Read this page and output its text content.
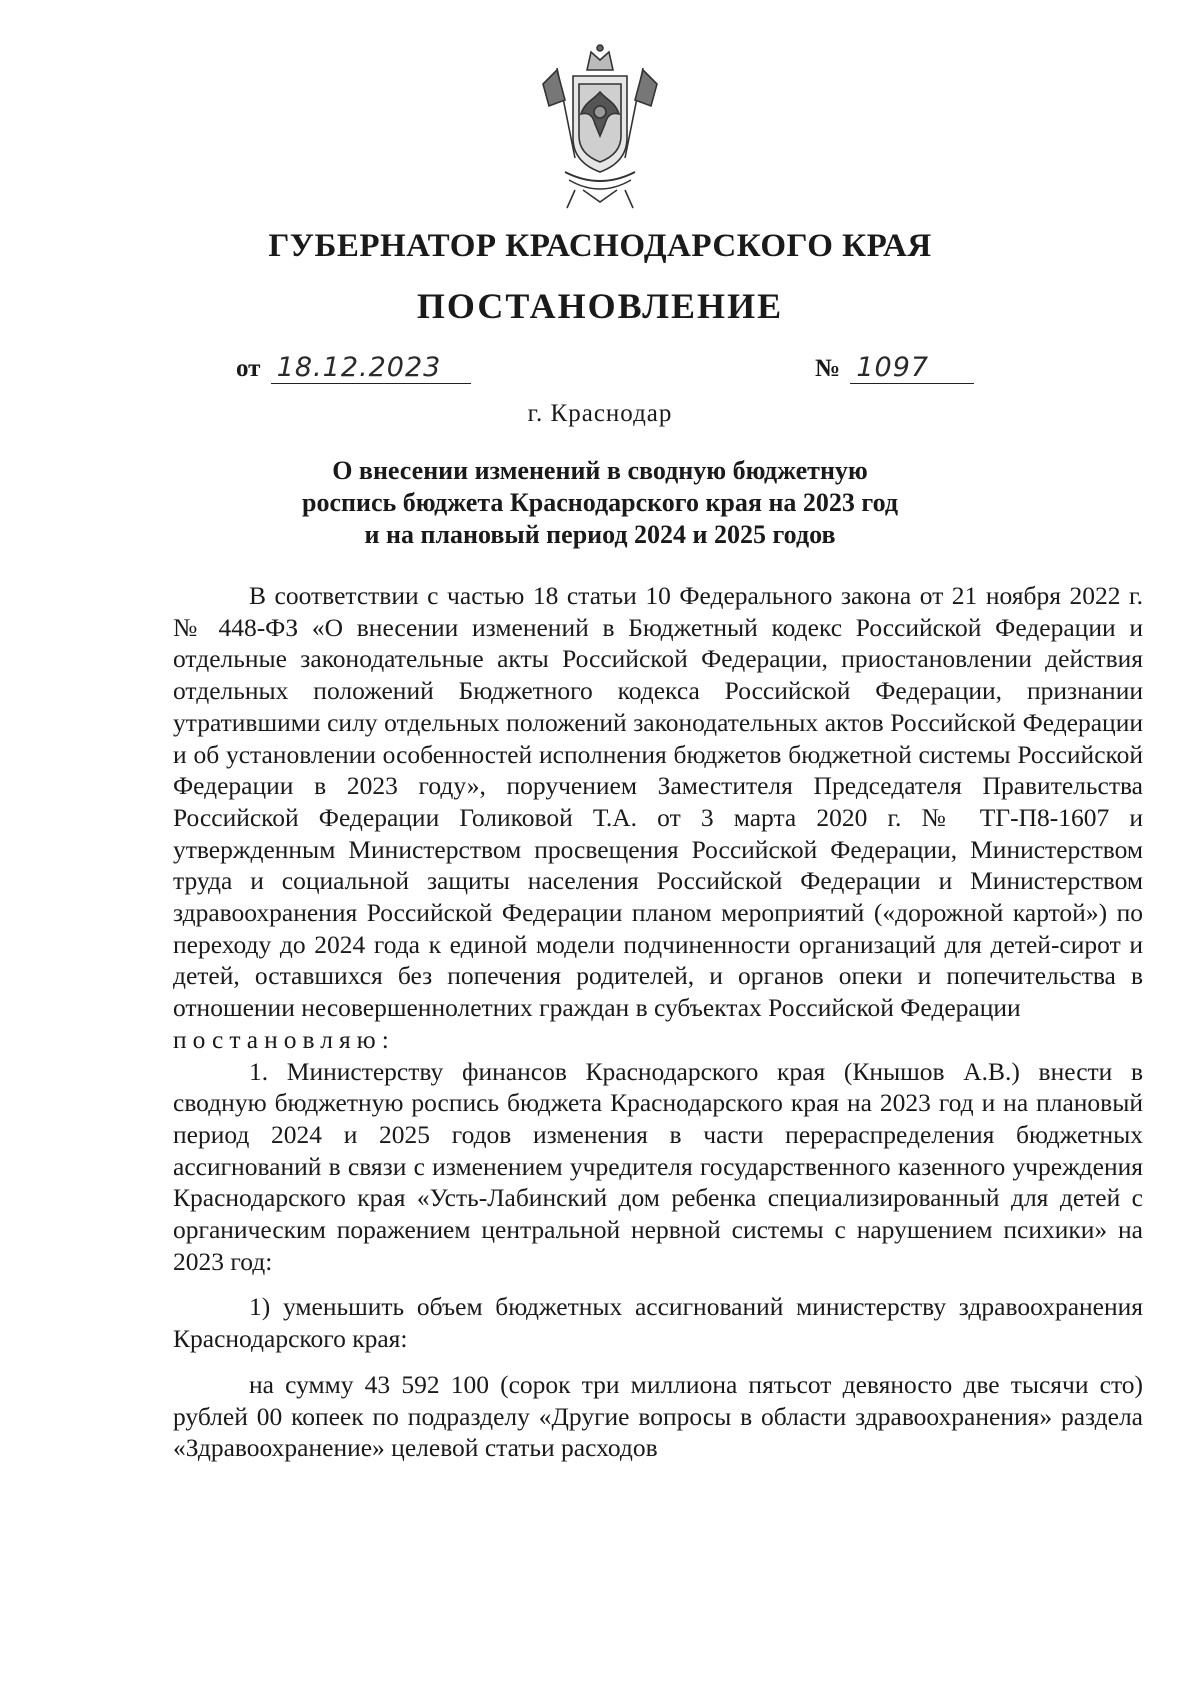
ГУБЕРНАТОР КРАСНОДАРСКОГО КРАЯ
ПОСТАНОВЛЕНИЕ
от 18.12.2023	№ 1097
г. Краснодар
О внесении изменений в сводную бюджетную
роспись бюджета Краснодарского края на 2023 год
и на плановый период 2024 и 2025 годов

В соответствии с частью 18 статьи 10 Федерального закона от 21 ноября 2022 г. № 448-ФЗ «О внесении изменений в Бюджетный кодекс Российской Федерации и отдельные законодательные акты Российской Федерации, приостановлении действия отдельных положений Бюджетного кодекса Российской Федерации, признании утратившими силу отдельных положений законодательных актов Российской Федерации и об установлении особенностей исполнения бюджетов бюджетной системы Российской Федерации в 2023 году», поручением Заместителя Председателя Правительства Российской Федерации Голиковой Т.А. от 3 марта 2020 г. № ТГ-П8-1607 и утвержденным Министерством просвещения Российской Федерации, Министерством труда и социальной защиты населения Российской Федерации и Министерством здравоохранения Российской Федерации планом мероприятий («дорожной картой») по переходу до 2024 года к единой модели подчиненности организаций для детей-сирот и детей, оставшихся без попечения родителей, и органов опеки и попечительства в отношении несовершеннолетних граждан в субъектах Российской Федерации

постановляю:

1. Министерству финансов Краснодарского края (Кнышов А.В.) внести в сводную бюджетную роспись бюджета Краснодарского края на 2023 год и на плановый период 2024 и 2025 годов изменения в части перераспределения бюджетных ассигнований в связи с изменением учредителя государственного казенного учреждения Краснодарского края «Усть-Лабинский дом ребенка специализированный для детей с органическим поражением центральной нервной системы с нарушением психики» на 2023 год:

1) уменьшить объем бюджетных ассигнований министерству здравоохранения Краснодарского края:

на сумму 43 592 100 (сорок три миллиона пятьсот девяносто две тысячи сто) рублей 00 копеек по подразделу «Другие вопросы в области здравоохранения» раздела «Здравоохранение» целевой статьи расходов
